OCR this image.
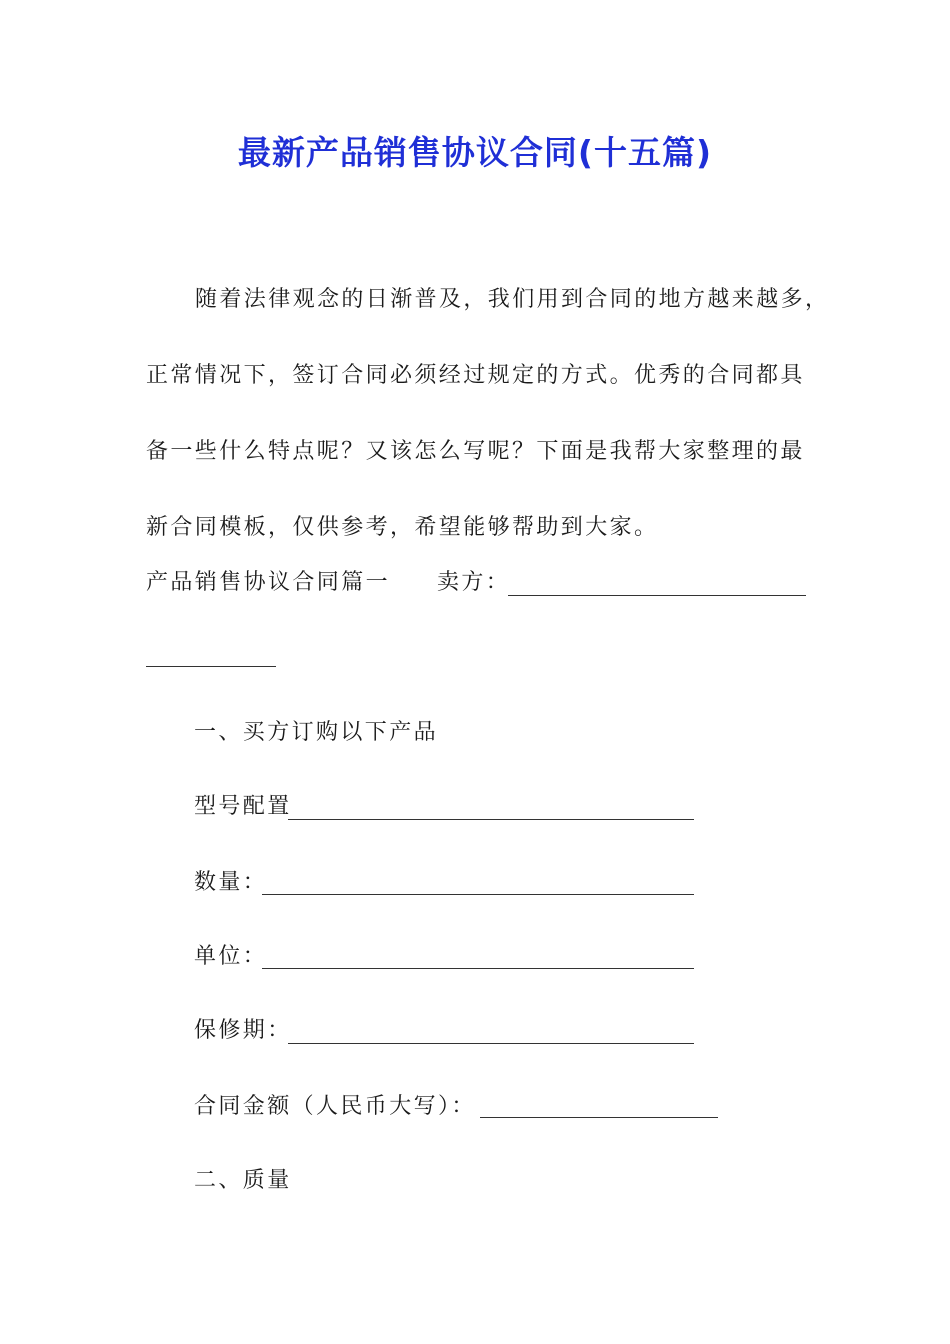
最新产品销售协议合同(十五篇)
随着法律观念的日渐普及，我们用到合同的地方越来越多，
正常情况下，签订合同必须经过规定的方式。优秀的合同都具
备一些什么特点呢？又该怎么写呢？下面是我帮大家整理的最
新合同模板，仅供参考，希望能够帮助到大家。
产品销售协议合同篇一 卖方：
一、买方订购以下产品
型号配置
数量：
单位：
保修期：
合同金额（人民币大写）：
二、质量
